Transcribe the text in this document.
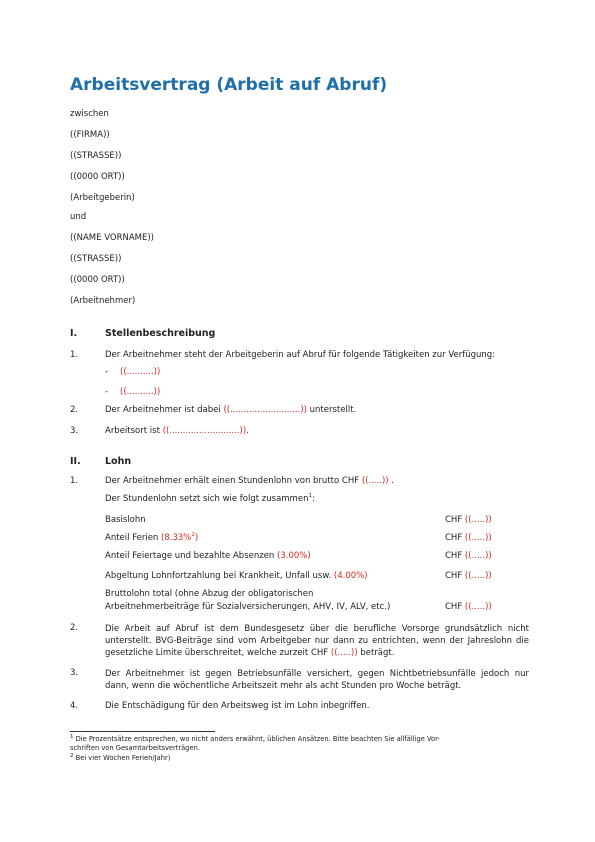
Arbeitsvertrag (Arbeit auf Abruf)
zwischen
((FIRMA))
((STRASSE))
((0000 ORT))
(Arbeitgeberin)
und
((NAME VORNAME))
((STRASSE))
((0000 ORT))
(Arbeitnehmer)
I.	Stellenbeschreibung
1.	Der Arbeitnehmer steht der Arbeitgeberin auf Abruf für folgende Tätigkeiten zur Verfügung:
- ((..........))
- ((..........))
2.	Der Arbeitnehmer ist dabei ((..........................)) unterstellt.
3.	Arbeitsort ist ((..........................)).
II.	Lohn
1.	Der Arbeitnehmer erhält einen Stundenlohn von brutto CHF ((.....)) .
Der Stundenlohn setzt sich wie folgt zusammen$^1$:
Basislohn	CHF ((.....))
Anteil Ferien (8.33%$^2$)	CHF ((.....))
Anteil Feiertage und bezahlte Absenzen (3.00%)	CHF ((.....))
Abgeltung Lohnfortzahlung bei Krankheit, Unfall usw. (4.00%)	CHF ((.....))
Bruttolohn total (ohne Abzug der obligatorischen
Arbeitnehmerbeiträge für Sozialversicherungen, AHV, IV, ALV, etc.)	CHF ((.....))
2.	Die Arbeit auf Abruf ist dem Bundesgesetz über die berufliche Vorsorge grundsätzlich nicht unterstellt. BVG-Beiträge sind vom Arbeitgeber nur dann zu entrichten, wenn der Jahreslohn die gesetzliche Limite überschreitet, welche zurzeit CHF ((.....)) beträgt.
3.	Der Arbeitnehmer ist gegen Betriebsunfälle versichert, gegen Nichtbetriebsunfälle jedoch nur dann, wenn die wöchentliche Arbeitszeit mehr als acht Stunden pro Woche beträgt.
4.	Die Entschädigung für den Arbeitsweg ist im Lohn inbegriffen.
$^1$ Die Prozentsätze entsprechen, wo nicht anders erwähnt, üblichen Ansätzen. Bitte beachten Sie allfällige Vor-
schriften von Gesamtarbeitsverträgen.
$^2$ Bei vier Wochen Ferien/Jahr)
